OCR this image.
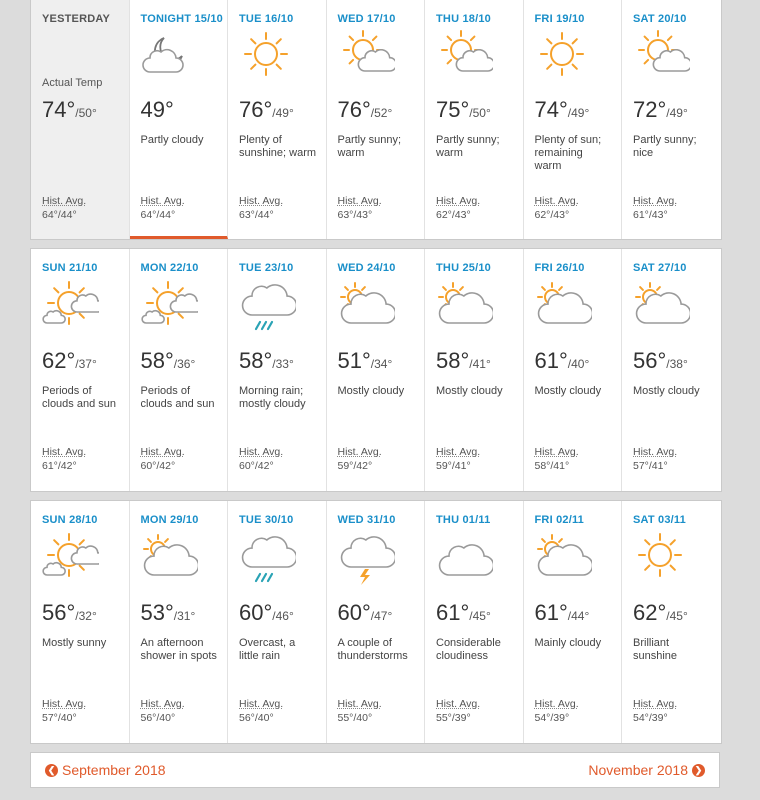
YESTERDAY
Actual Temp
74°/50°
Hist. Avg.
64°/44°
TONIGHT 15/10
49°
Partly cloudy
Hist. Avg.
64°/44°
TUE 16/10
76°/49°
Plenty of sunshine; warm
Hist. Avg.
63°/44°
WED 17/10
76°/52°
Partly sunny; warm
Hist. Avg.
63°/43°
THU 18/10
75°/50°
Partly sunny; warm
Hist. Avg.
62°/43°
FRI 19/10
74°/49°
Plenty of sun; remaining warm
Hist. Avg.
62°/43°
SAT 20/10
72°/49°
Partly sunny; nice
Hist. Avg.
61°/43°
SUN 21/10
62°/37°
Periods of clouds and sun
Hist. Avg.
61°/42°
MON 22/10
58°/36°
Periods of clouds and sun
Hist. Avg.
60°/42°
TUE 23/10
58°/33°
Morning rain; mostly cloudy
Hist. Avg.
60°/42°
WED 24/10
51°/34°
Mostly cloudy
Hist. Avg.
59°/42°
THU 25/10
58°/41°
Mostly cloudy
Hist. Avg.
59°/41°
FRI 26/10
61°/40°
Mostly cloudy
Hist. Avg.
58°/41°
SAT 27/10
56°/38°
Mostly cloudy
Hist. Avg.
57°/41°
SUN 28/10
56°/32°
Mostly sunny
Hist. Avg.
57°/40°
MON 29/10
53°/31°
An afternoon shower in spots
Hist. Avg.
56°/40°
TUE 30/10
60°/46°
Overcast, a little rain
Hist. Avg.
56°/40°
WED 31/10
60°/47°
A couple of thunderstorms
Hist. Avg.
55°/40°
THU 01/11
61°/45°
Considerable cloudiness
Hist. Avg.
55°/39°
FRI 02/11
61°/44°
Mainly cloudy
Hist. Avg.
54°/39°
SAT 03/11
62°/45°
Brilliant sunshine
Hist. Avg.
54°/39°
❮ September 2018	November 2018 ❯
